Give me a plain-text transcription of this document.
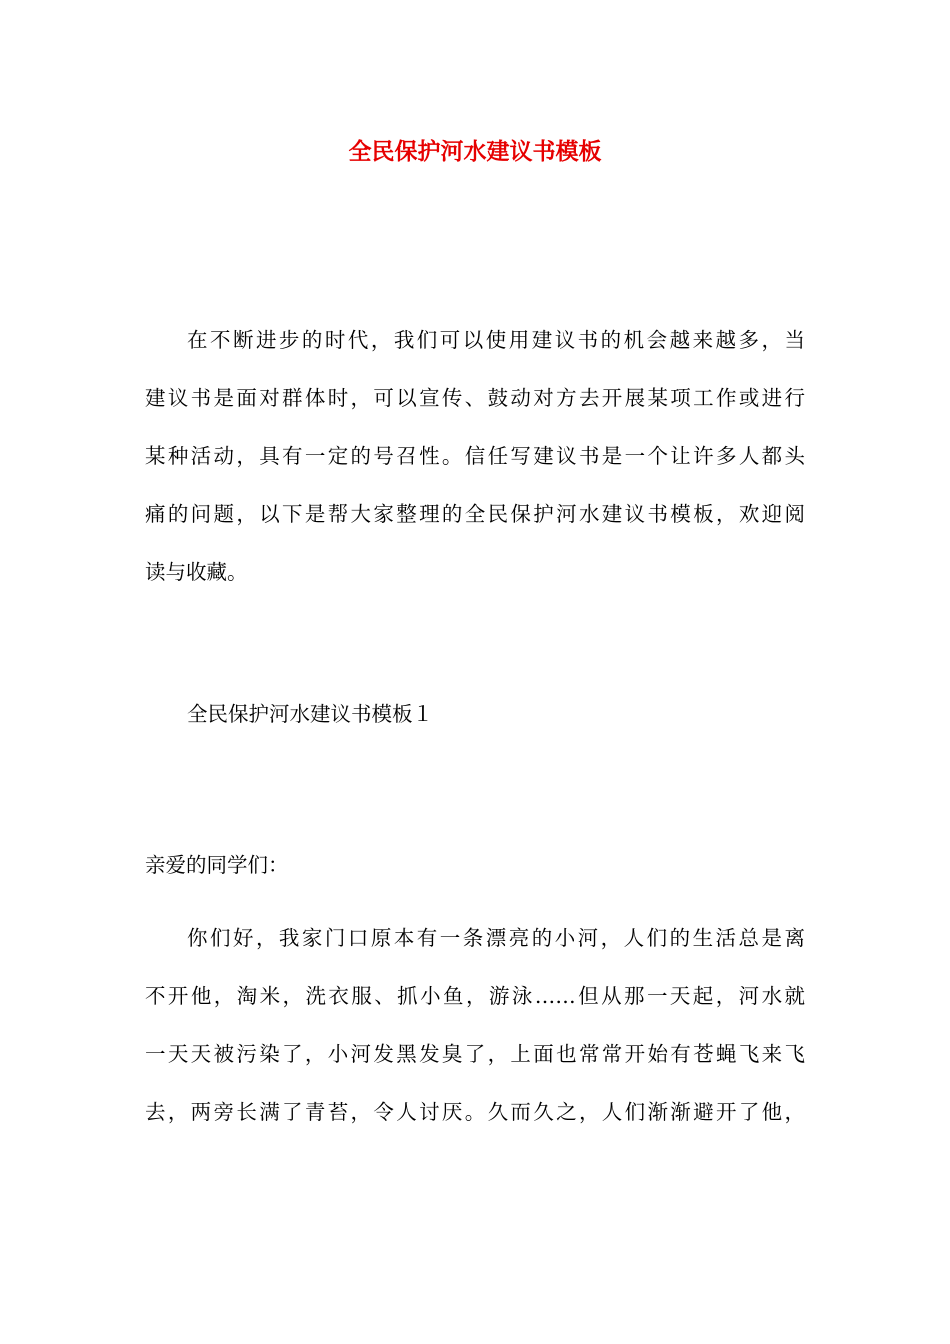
全民保护河水建议书模板
在不断进步的时代，我们可以使用建议书的机会越来越多，当
建议书是面对群体时，可以宣传、鼓动对方去开展某项工作或进行
某种活动，具有一定的号召性。信任写建议书是一个让许多人都头
痛的问题，以下是帮大家整理的全民保护河水建议书模板，欢迎阅
读与收藏。
全民保护河水建议书模板１
亲爱的同学们：
你们好，我家门口原本有一条漂亮的小河，人们的生活总是离
不开他，淘米，洗衣服、抓小鱼，游泳……但从那一天起，河水就
一天天被污染了，小河发黑发臭了，上面也常常开始有苍蝇飞来飞
去，两旁长满了青苔，令人讨厌。久而久之，人们渐渐避开了他，
